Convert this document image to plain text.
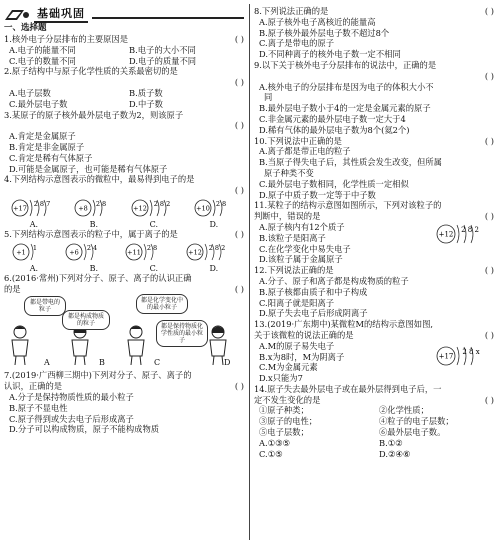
基础巩固
一、选择题
1.核外电子分层排布的主要原因是	( )
A.电子的能量不同	B.电子的大小不同
C.电子的数量不同	D.电子的质量不同
2.原子结构中与原子化学性质的关系最密切的是
( )
A.电子层数	B.质子数
C.最外层电子数	D.中子数
3.某原子的原子核外最外层电子数为2，则该原子
( )
A.肯定是金属原子
B.肯定是非金属原子
C.肯定是稀有气体原子
D.可能是金属原子，也可能是稀有气体原子
4.下列结构示意图表示的微粒中，最易得到电子的是
( )
+17
2 8 7
+8
2 8
+12
2 8 2
+10
2 8
A.	B.	C.	D.
5.下列结构示意图表示的粒子中，属于离子的是	( )
+1
1
+6
2 4
+11
2 8
+12
2 8 2
A.	B.	C.	D.
6.(2016·常州)下列对分子、原子、离子的认识正确
的是	( )
都是带电的粒子
A
都是构成物质的粒子
B
都是化学变化中的最小粒子
C
都是保持物质化学性质的最小粒子
D
7.(2019·广西柳三期中)下列对分子、原子、离子的
认识，正确的是	( )
A.分子是保持物质性质的最小粒子
B.原子不显电性
C.原子得到或失去电子后形成离子
D.分子可以构成物质，原子不能构成物质
8.下列说法正确的是	( )
A.原子核外电子离核近的能量高
B.原子核外最外层电子数不超过8个
C.离子是带电的原子
D.不同种离子的核外电子数一定不相同
9.以下关于核外电子分层排布的说法中，正确的是
( )
A.核外电子的分层排布是因为电子的体积大小不
同
B.最外层电子数小于4的一定是金属元素的原子
C.非金属元素的最外层电子数一定大于4
D.稀有气体的最外层电子数为8个(氦2个)
10.下列说法中正确的是	( )
A.离子都是带正电的粒子
B.当原子得失电子后，其性质会发生改变，但所属
原子种类不变
C.最外层电子数相同，化学性质一定相似
D.原子中质子数一定等于中子数
11.某粒子的结构示意图如图所示，下列对该粒子的
判断中，错误的是	( )
A.原子核内有12个质子
B.该粒子是阳离子
C.在化学变化中易失电子
D.该粒子属于金属原子
+12
2 8 2
12.下列说法正确的是	( )
A.分子、原子和离子都是构成物质的粒子
B.原子核都由质子和中子构成
C.阳离子就是阳离子
D.原子失去电子后形成阴离子
13.(2019·广东期中)某微粒M的结构示意图如图,
关于该微粒的说法正确的是	( )
A.M的原子易失电子
B.x为8时，M为阴离子
C.M为金属元素
D.x只能为7
+17
2 8 x
14.原子失去最外层电子或在最外层得到电子后，一
定不发生变化的是	( )
①原子种类；	②化学性质；
③原子的电性；	④粒子的电子层数；
⑤电子层数；	⑥最外层电子数。
A.①③⑤	B.①②
C.①⑤	D.②④⑥
